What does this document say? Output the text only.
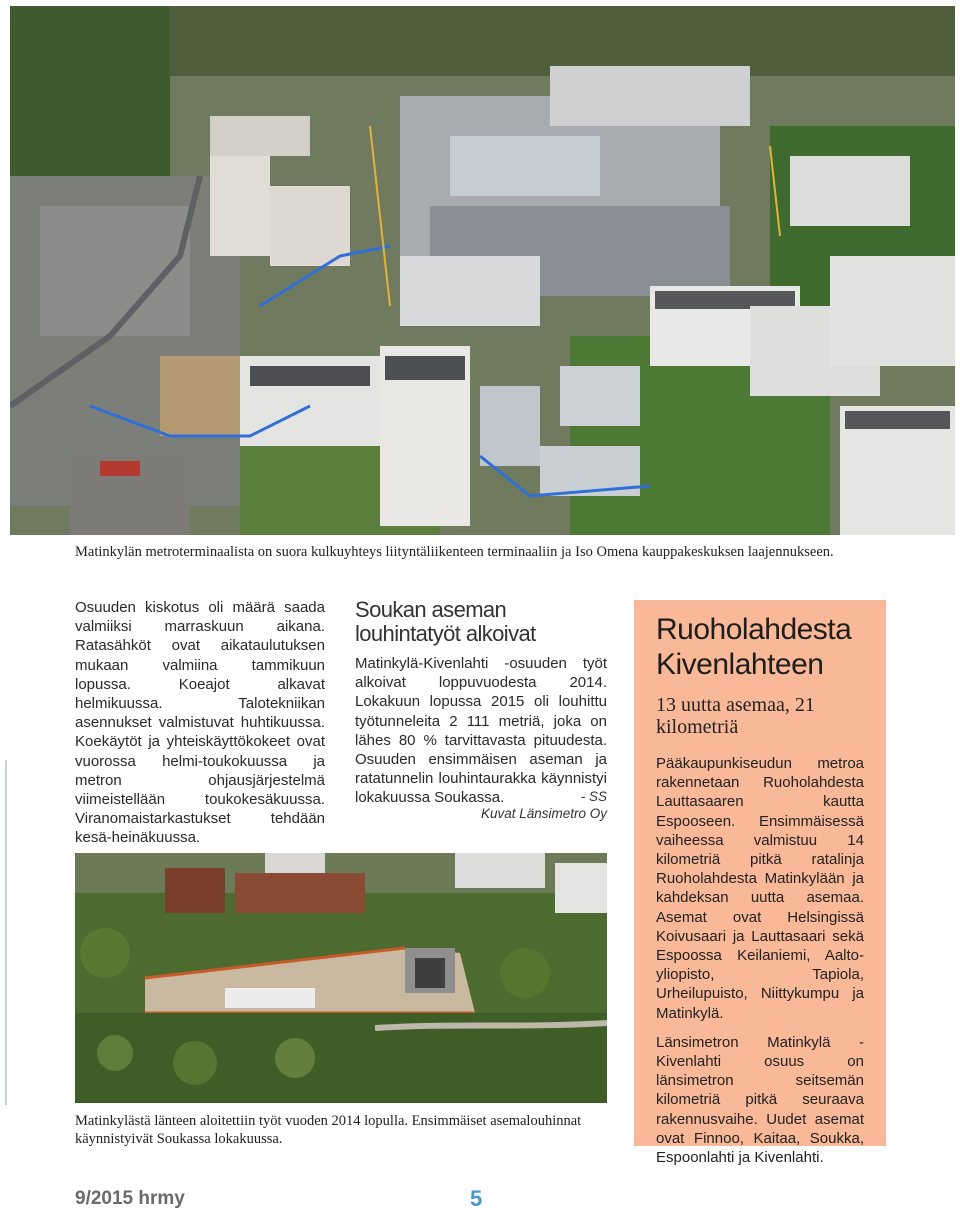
Matinkylän metroterminaalista on suora kulkuyhteys liityntäliikenteen terminaaliin ja Iso Omena kauppakeskuksen laajennukseen.

Osuuden kiskotus oli määrä saada valmiiksi marraskuun aikana. Ratasähköt ovat aikataulutuksen mukaan valmiina tammikuun lopussa. Koeajot alkavat helmikuussa. Talotekniikan asennukset valmistuvat huhtikuussa. Koekäytöt ja yhteiskäyttökokeet ovat vuorossa helmi-toukokuussa ja metron ohjausjärjestelmä viimeistellään toukokesäkuussa. Viranomaistarkastukset tehdään kesä-heinäkuussa.

Soukan aseman louhintatyöt alkoivat

Matinkylä-Kivenlahti -osuuden työt alkoivat loppuvuodesta 2014. Lokakuun lopussa 2015 oli louhittu työtunneleita 2 111 metriä, joka on lähes 80 % tarvittavasta pituudesta. Osuuden ensimmäisen aseman ja ratatunnelin louhintaurakka käynnistyi lokakuussa Soukassa.	- SS
Kuvat Länsimetro Oy
Matinkylästä länteen aloitettiin työt vuoden 2014 lopulla. Ensimmäiset asemalouhinnat käynnistyivät Soukassa lokakuussa.
Ruoholahdesta Kivenlahteen
13 uutta asemaa, 21 kilometriä

Pääkaupunkiseudun metroa rakennetaan Ruoholahdesta Lauttasaaren kautta Espooseen. Ensimmäisessä vaiheessa valmistuu 14 kilometriä pitkä ratalinja Ruoholahdesta Matinkylään ja kahdeksan uutta asemaa. Asemat ovat Helsingissä Koivusaari ja Lauttasaari sekä Espoossa Keilaniemi, Aalto-yliopisto, Tapiola, Urheilupuisto, Niittykumpu ja Matinkylä.

Länsimetron Matinkylä - Kivenlahti osuus on länsimetron seitsemän kilometriä pitkä seuraava rakennusvaihe. Uudet asemat ovat Finnoo, Kaitaa, Soukka, Espoonlahti ja Kivenlahti.

9/2015 hrmy	5
